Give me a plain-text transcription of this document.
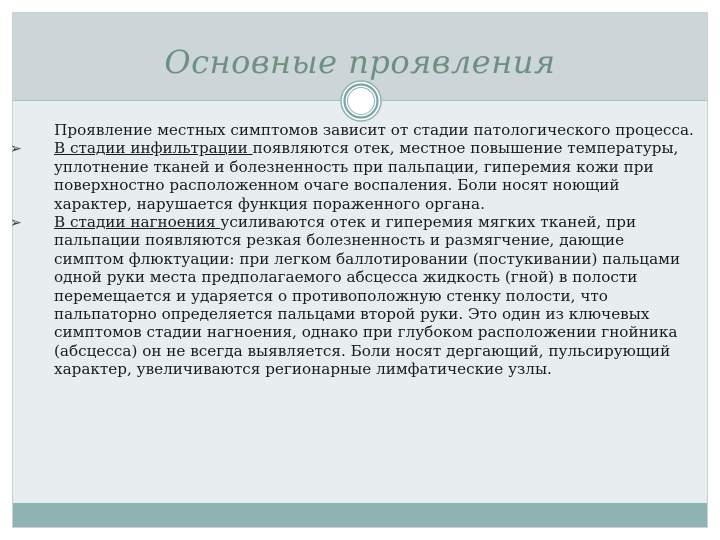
Основные проявления

Проявление местных симптомов зависит от стадии патологического процесса.

➢ В стадии инфильтрации появляются отек, местное повышение температуры, уплотнение тканей и болезненность при пальпации, гиперемия кожи при поверхностно расположенном очаге воспаления. Боли носят ноющий характер, нарушается функция пораженного органа.

➢ В стадии нагноения усиливаются отек и гиперемия мягких тканей, при пальпации появляются резкая болезненность и размягчение, дающие симптом флюктуации: при легком баллотировании (постукивании) пальцами одной руки места предполагаемого абсцесса жидкость (гной) в полости перемещается и ударяется о противоположную стенку полости, что пальпаторно определяется пальцами второй руки. Это один из ключевых симптомов стадии нагноения, однако при глубоком расположении гнойника (абсцесса) он не всегда выявляется. Боли носят дергающий, пульсирующий характер, увеличиваются регионарные лимфатические узлы.
